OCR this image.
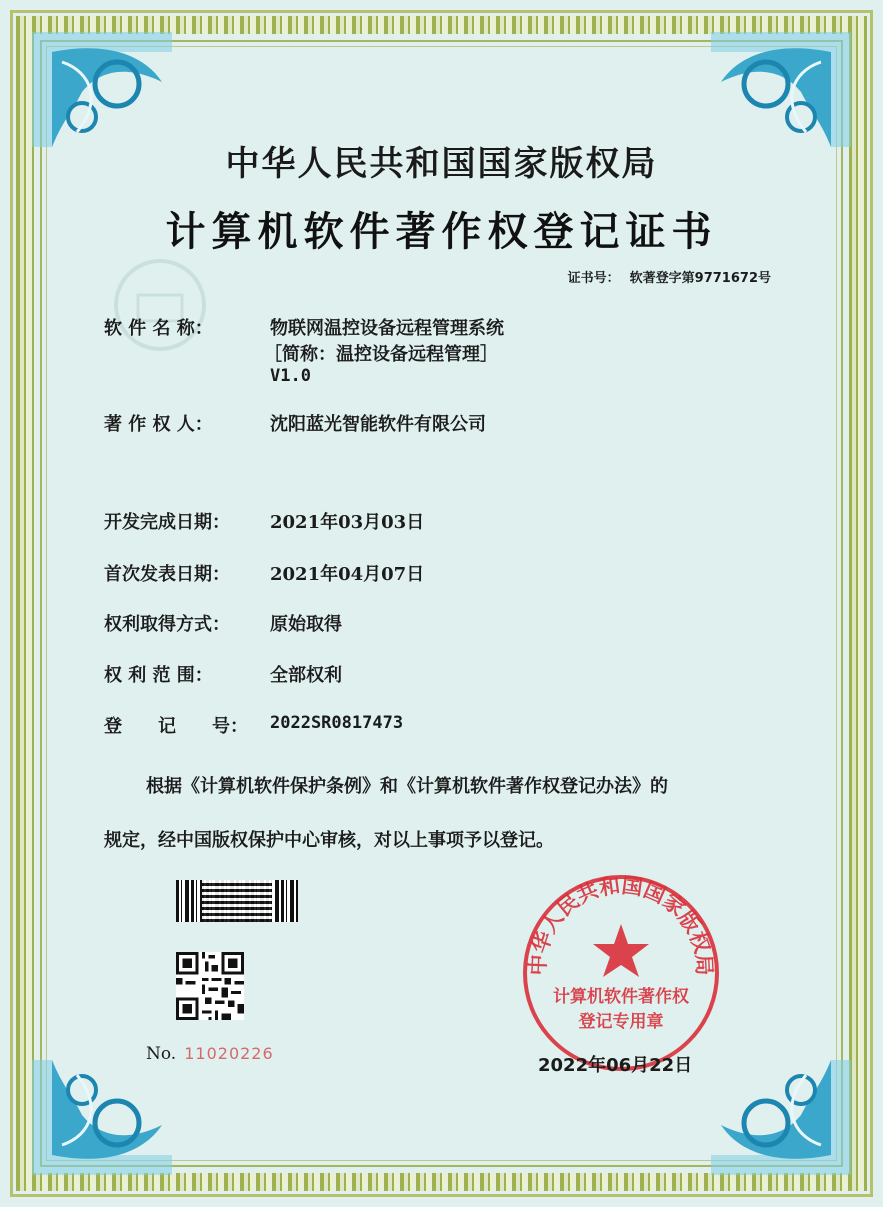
中华人民共和国国家版权局
计算机软件著作权登记证书
证书号： 软著登字第9771672号
软 件 名 称：	物联网温控设备远程管理系统
［简称：温控设备远程管理］
V1.0
著 作 权 人：	沈阳蓝光智能软件有限公司
开发完成日期： 2021年03月03日
首次发表日期： 2021年04月07日
权利取得方式： 原始取得
权 利 范 围：	全部权利
登　　记　　号： 2022SR0817473
根据《计算机软件保护条例》和《计算机软件著作权登记办法》的
规定，经中国版权保护中心审核，对以上事项予以登记。
No. 11020226
中华人民共和国国家版权局
计算机软件著作权
登记专用章
2022年06月22日
